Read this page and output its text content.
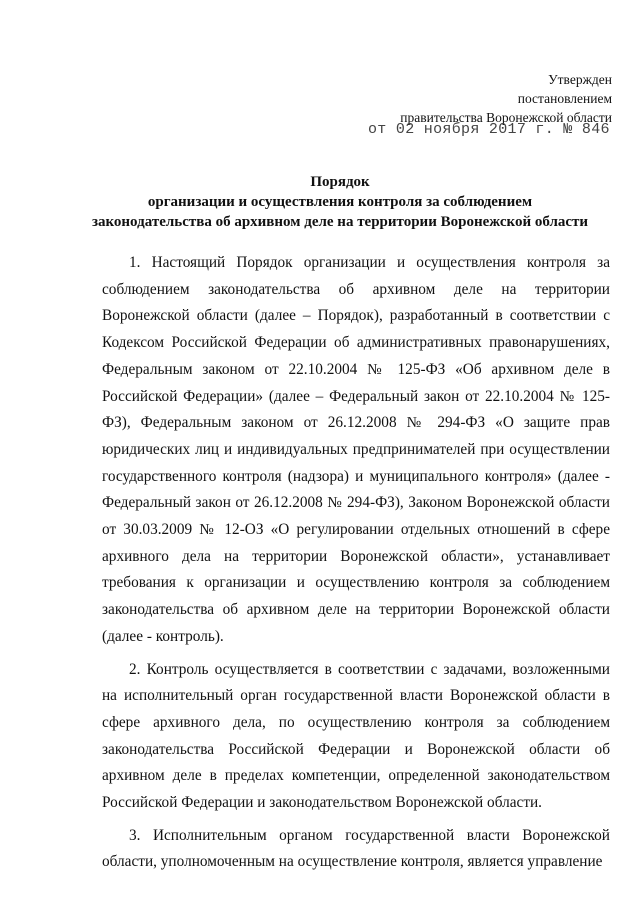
Утвержден
постановлением
правительства Воронежской области
от 02 ноября 2017 г. № 846
Порядок
организации и осуществления контроля за соблюдением
законодательства об архивном деле на территории Воронежской области

1. Настоящий Порядок организации и осуществления контроля за соблюдением законодательства об архивном деле на территории Воронежской области (далее – Порядок), разработанный в соответствии с Кодексом Российской Федерации об административных правонарушениях, Федеральным законом от 22.10.2004 № 125-ФЗ «Об архивном деле в Российской Федерации» (далее – Федеральный закон от 22.10.2004 № 125-ФЗ), Федеральным законом от 26.12.2008 № 294-ФЗ «О защите прав юридических лиц и индивидуальных предпринимателей при осуществлении государственного контроля (надзора) и муниципального контроля» (далее - Федеральный закон от 26.12.2008 № 294-ФЗ), Законом Воронежской области от 30.03.2009 № 12-ОЗ «О регулировании отдельных отношений в сфере архивного дела на территории Воронежской области», устанавливает требования к организации и осуществлению контроля за соблюдением законодательства об архивном деле на территории Воронежской области (далее - контроль).

2. Контроль осуществляется в соответствии с задачами, возложенными на исполнительный орган государственной власти Воронежской области в сфере архивного дела, по осуществлению контроля за соблюдением законодательства Российской Федерации и Воронежской области об архивном деле в пределах компетенции, определенной законодательством Российской Федерации и законодательством Воронежской области.

3. Исполнительным органом государственной власти Воронежской области, уполномоченным на осуществление контроля, является управление
